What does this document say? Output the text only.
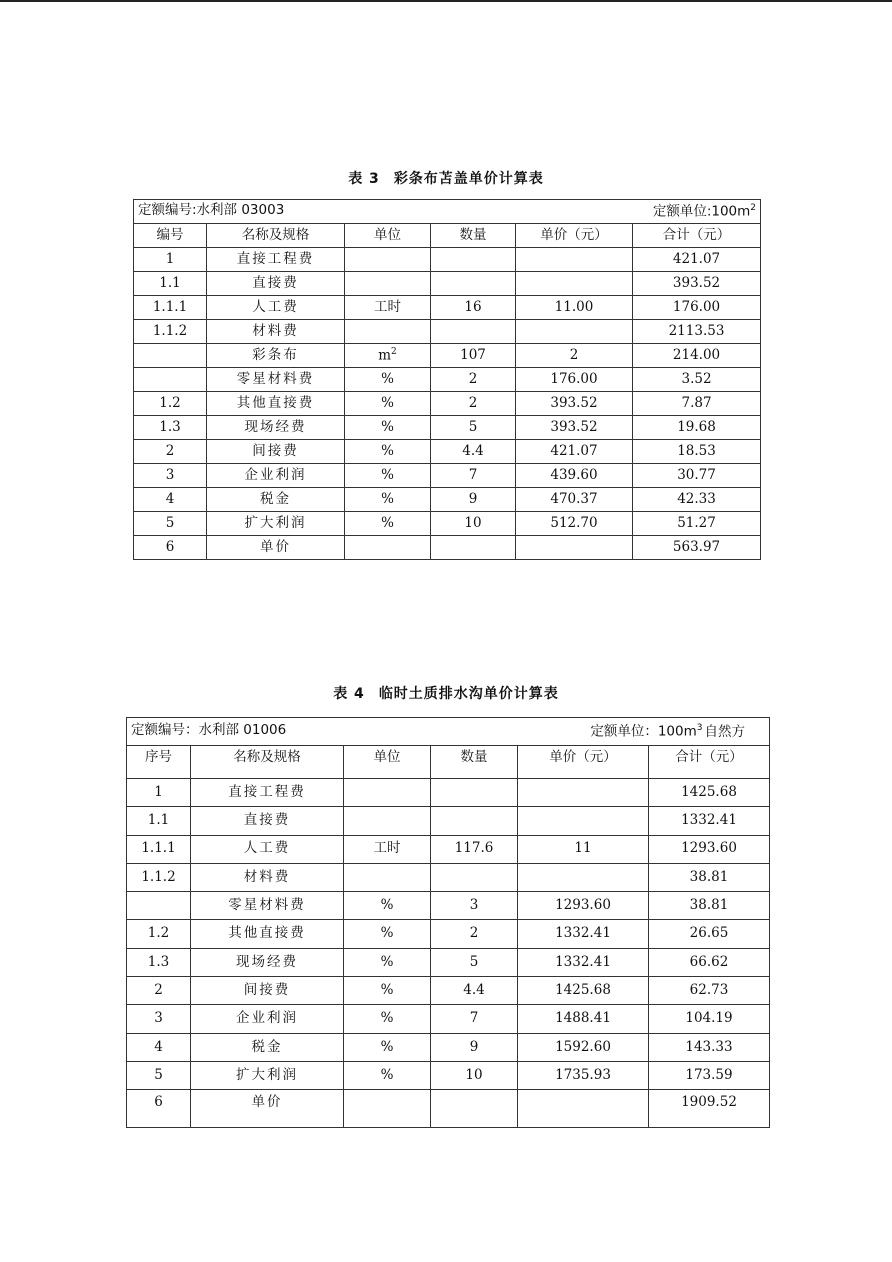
表 3 彩条布苫盖单价计算表
定额编号:水利部 03003 定额单位$:100m^2$

编号	名称及规格	单位	数量	单价（元）	合计（元）
1	直接工程费				421.07
1.1	直接费				393.52
1.1.1	人工费	工时	16	11.00	176.00
1.1.2	材料费				2113.53
	彩条布	$m^2$	107	2	214.00
	零星材料费	%	2	176.00	3.52
1.2	其他直接费	%	2	393.52	7.87
1.3	现场经费	%	5	393.52	19.68
2	间接费	%	4.4	421.07	18.53
3	企业利润	%	7	439.60	30.77
4	税金	%	9	470.37	42.33
5	扩大利润	%	10	512.70	51.27
6	单价				563.97
表 4 临时土质排水沟单价计算表
定额编号：水利部 01006 定额单位：$100m^3$ 自然方					

序号	名称及规格	单位	数量	单价（元）	合计（元）
1	直接工程费				1425.68
1.1	直接费				1332.41
1.1.1	人工费	工时	117.6	11	1293.60
1.1.2	材料费				38.81
	零星材料费	%	3	1293.60	38.81
1.2	其他直接费	%	2	1332.41	26.65
1.3	现场经费	%	5	1332.41	66.62
2	间接费	%	4.4	1425.68	62.73
3	企业利润	%	7	1488.41	104.19
4	税金	%	9	1592.60	143.33
5	扩大利润	%	10	1735.93	173.59
6	单价				1909.52
